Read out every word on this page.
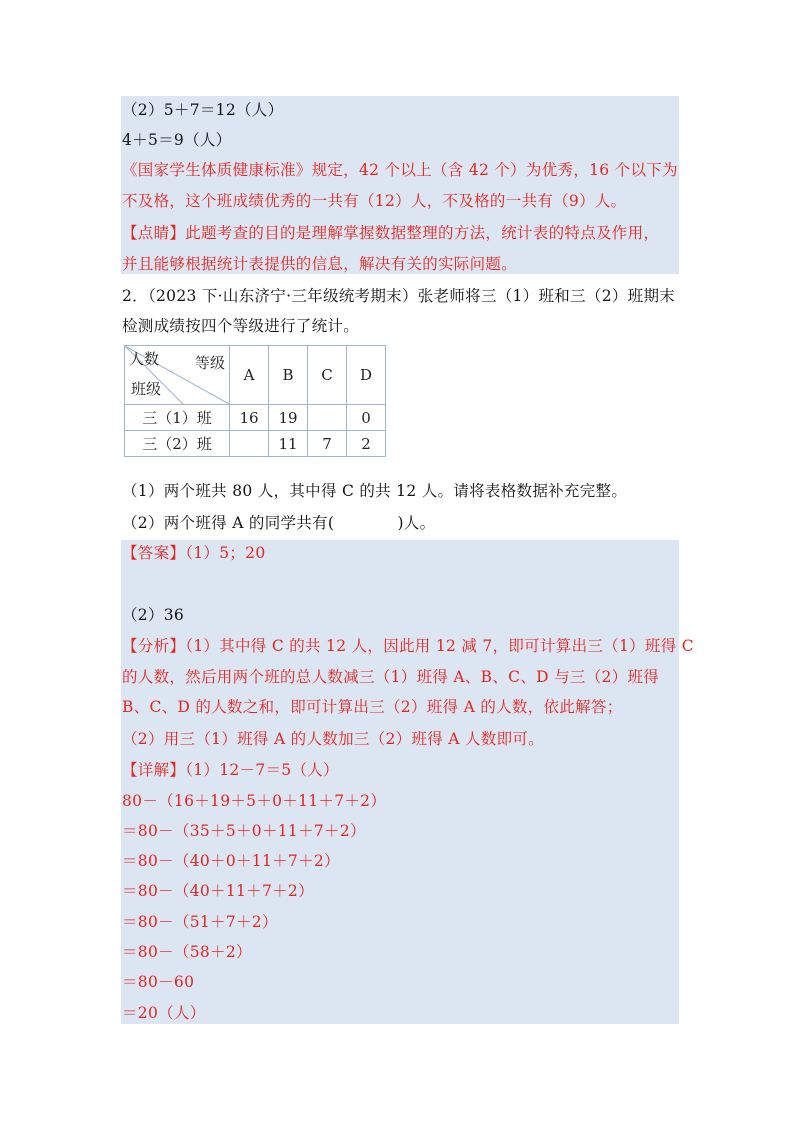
（2）5＋7＝12（人）
4＋5＝9（人）
《国家学生体质健康标准》规定，42 个以上（含 42 个）为优秀，16 个以下为
不及格，这个班成绩优秀的一共有（12）人，不及格的一共有（9）人。
【点睛】此题考查的目的是理解掌握数据整理的方法，统计表的特点及作用，
并且能够根据统计表提供的信息，解决有关的实际问题。
2．（2023 下·山东济宁·三年级统考期末）张老师将三（1）班和三（2）班期末
检测成绩按四个等级进行了统计。
人数 等级
班级	A	B	C	D
三（1）班	16	19		0
三（2）班		11	7	2
（1）两个班共 80 人，其中得 C 的共 12 人。请将表格数据补充完整。
（2）两个班得 A 的同学共有(　　　　)人。
【答案】（1）5；20
（2）36
【分析】（1）其中得 C 的共 12 人，因此用 12 减 7，即可计算出三（1）班得 C
的人数，然后用两个班的总人数减三（1）班得 A、B、C、D 与三（2）班得
B、C、D 的人数之和，即可计算出三（2）班得 A 的人数，依此解答；
（2）用三（1）班得 A 的人数加三（2）班得 A 人数即可。
【详解】（1）12－7＝5（人）
80－（16＋19＋5＋0＋11＋7＋2）
＝80－（35＋5＋0＋11＋7＋2）
＝80－（40＋0＋11＋7＋2）
＝80－（40＋11＋7＋2）
＝80－（51＋7＋2）
＝80－（58＋2）
＝80－60
＝20（人）
